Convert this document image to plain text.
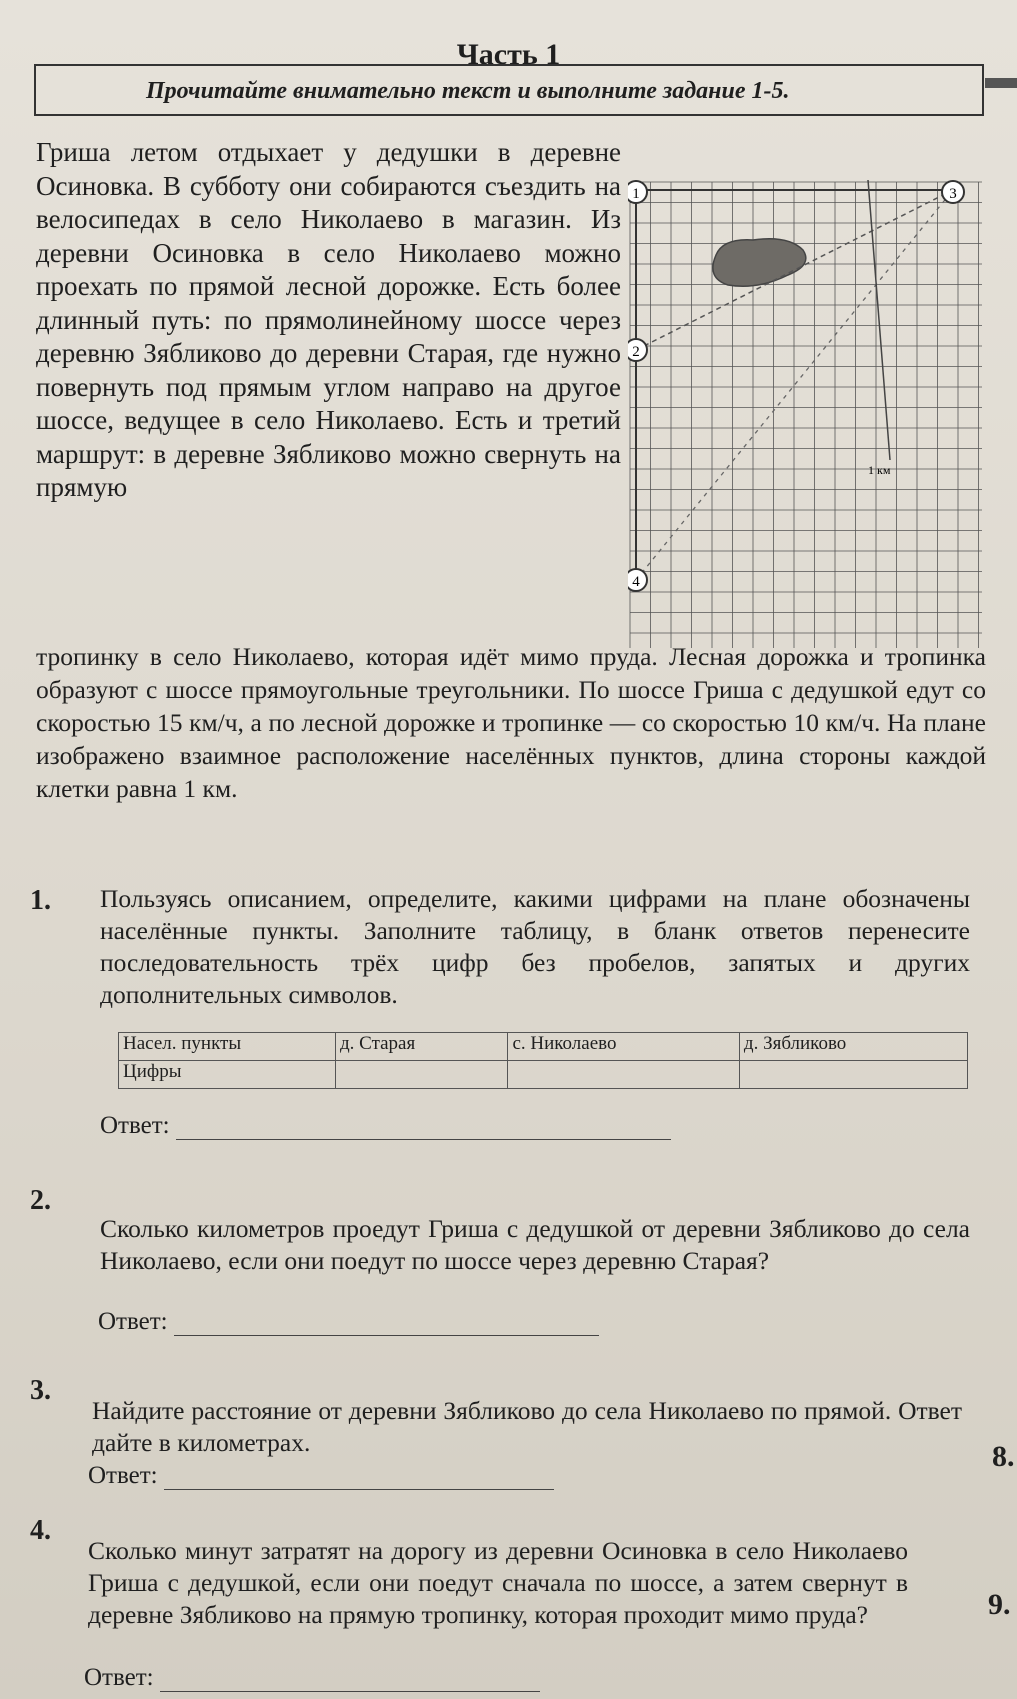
Часть 1
Прочитайте внимательно текст и выполните задание 1-5.

Гриша летом отдыхает у дедушки в деревне Осиновка. В субботу они собираются съездить на велосипедах в село Николаево в магазин. Из деревни Осиновка в село Николаево можно проехать по прямой лесной дорожке. Есть более длинный путь: по прямолинейному шоссе через деревню Зябликово до деревни Старая, где нужно повернуть под прямым углом направо на другое шоссе, ведущее в село Николаево. Есть и третий маршрут: в деревне Зябликово можно свернуть на прямую

1	3
2
4
1 км

тропинку в село Николаево, которая идёт мимо пруда. Лесная дорожка и тропинка образуют с шоссе прямоугольные треугольники. По шоссе Гриша с дедушкой едут со скоростью 15 км/ч, а по лесной дорожке и тропинке — со скоростью 10 км/ч. На плане изображено взаимное расположение населённых пунктов, длина стороны каждой клетки равна 1 км.

1. Пользуясь описанием, определите, какими цифрами на плане обозначены населённые пункты. Заполните таблицу, в бланк ответов перенесите последовательность трёх цифр без пробелов, запятых и других дополнительных символов.
Насел. пункты	д. Старая	с. Николаево	д. Зябликово
Цифры			
Ответ:
2.
Сколько километров проедут Гриша с дедушкой от деревни Зябликово до села Николаево, если они поедут по шоссе через деревню Старая?
Ответ:
3.
Найдите расстояние от деревни Зябликово до села Николаево по прямой. Ответ дайте в километрах.
Ответ:
4.
Сколько минут затратят на дорогу из деревни Осиновка в село Николаево Гриша с дедушкой, если они поедут сначала по шоссе, а затем свернут в деревне Зябликово на прямую тропинку, которая проходит мимо пруда?
Ответ:
8.
9.
